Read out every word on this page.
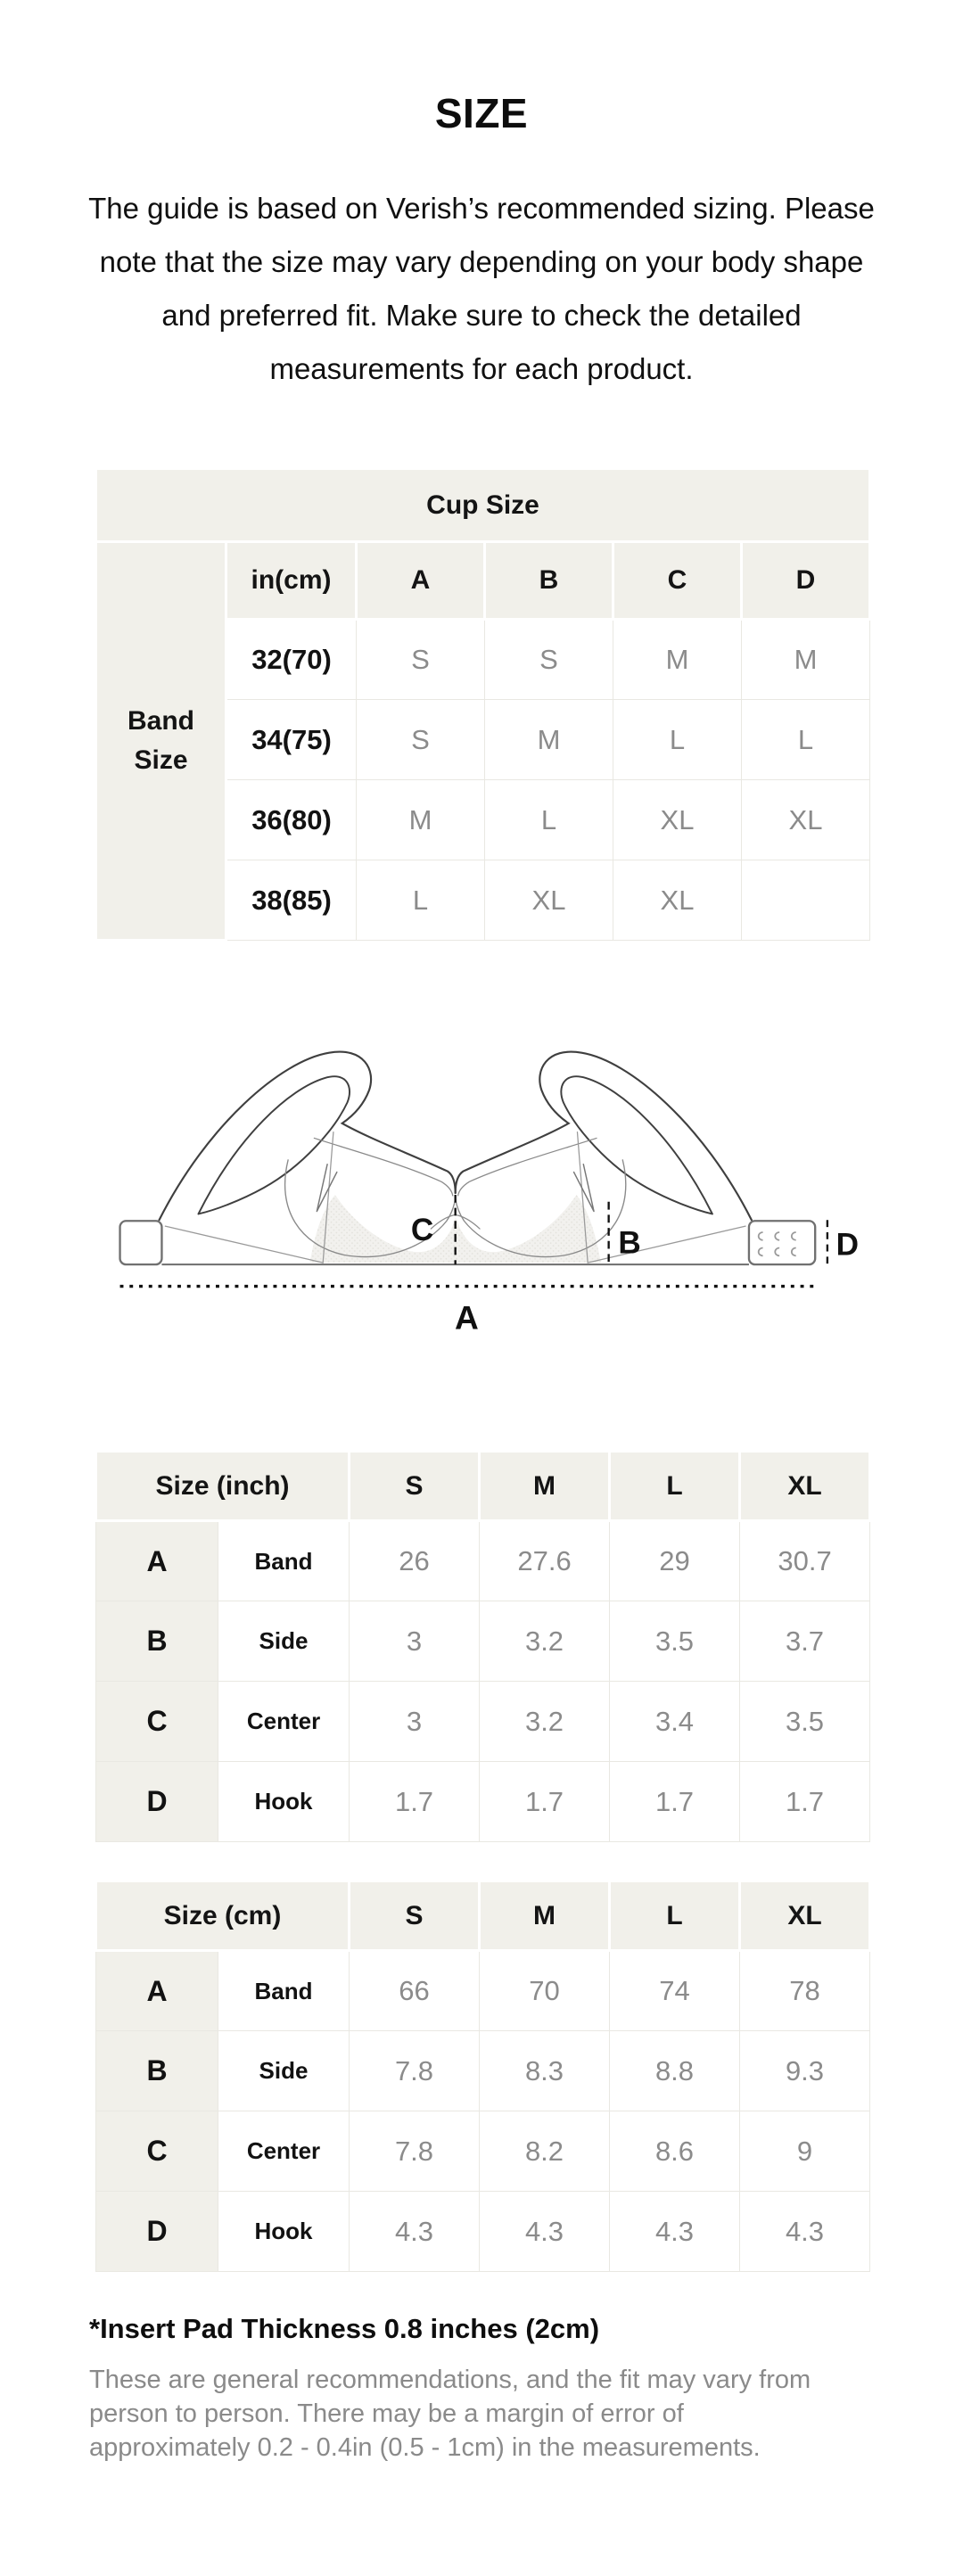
SIZE

The guide is based on Verish’s recommended sizing. Please note that the size may vary depending on your body shape and preferred fit. Make sure to check the detailed measurements for each product.

Cup Size					
Band Size	in(cm)	A	B	C	D
	32(70)	S	S	M	M
	34(75)	S	M	L	L
	36(80)	M	L	XL	XL
	38(85)	L	XL	XL	
A
B
C	D
Size (inch)		S	M	L	XL
A	Band	26	27.6	29	30.7
B	Side	3	3.2	3.5	3.7
C	Center	3	3.2	3.4	3.5
D	Hook	1.7	1.7	1.7	1.7
Size (cm)		S	M	L	XL
A	Band	66	70	74	78
B	Side	7.8	8.3	8.8	9.3
C	Center	7.8	8.2	8.6	9
D	Hook	4.3	4.3	4.3	4.3

*Insert Pad Thickness 0.8 inches (2cm)

These are general recommendations, and the fit may vary from person to person. There may be a margin of error of approximately 0.2 - 0.4in (0.5 - 1cm) in the measurements.
